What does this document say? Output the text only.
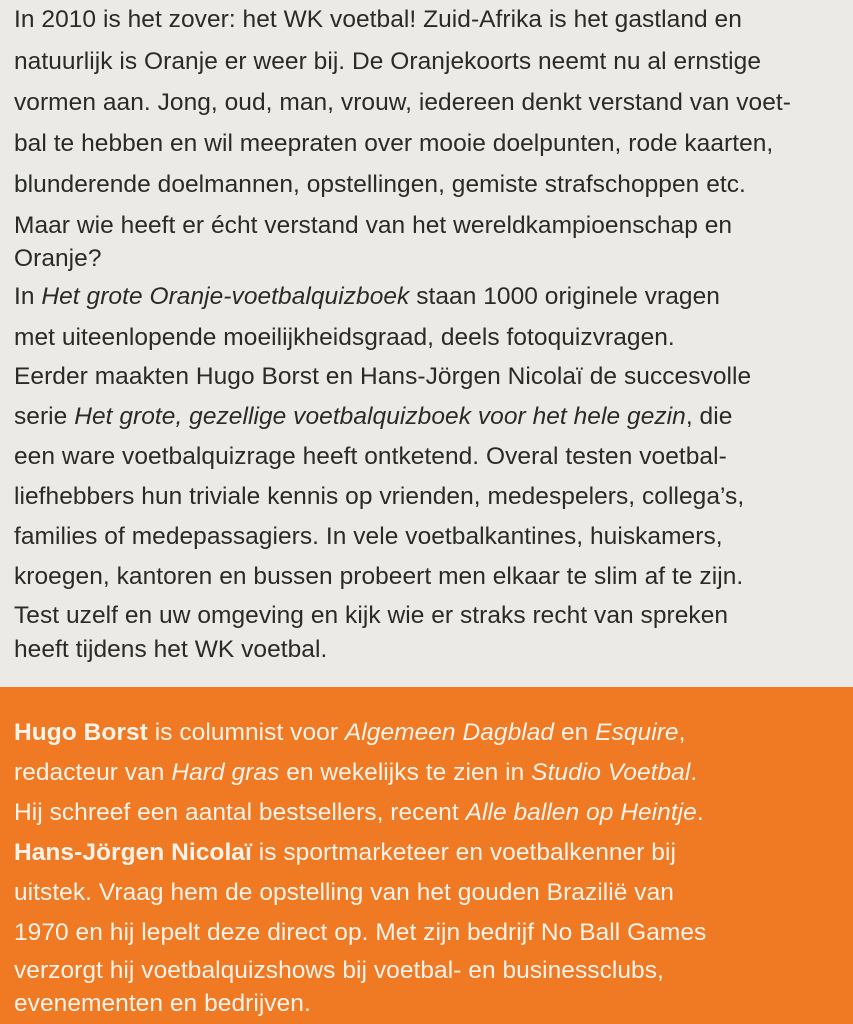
In 2010 is het zover: het WK voetbal! Zuid-Afrika is het gastland en
natuurlijk is Oranje er weer bij. De Oranjekoorts neemt nu al ernstige
vormen aan. Jong, oud, man, vrouw, iedereen denkt verstand van voet-
bal te hebben en wil meepraten over mooie doelpunten, rode kaarten,
blunderende doelmannen, opstellingen, gemiste strafschoppen etc.
Maar wie heeft er écht verstand van het wereldkampioenschap en
Oranje?
In Het grote Oranje-voetbalquizboek staan 1000 originele vragen
met uiteenlopende moeilijkheidsgraad, deels fotoquizvragen.
Eerder maakten Hugo Borst en Hans-Jörgen Nicolaï de succesvolle
serie Het grote, gezellige voetbalquizboek voor het hele gezin, die
een ware voetbalquizrage heeft ontketend. Overal testen voetbal-
liefhebbers hun triviale kennis op vrienden, medespelers, collega’s,
families of medepassagiers. In vele voetbalkantines, huiskamers,
kroegen, kantoren en bussen probeert men elkaar te slim af te zijn.
Test uzelf en uw omgeving en kijk wie er straks recht van spreken
heeft tijdens het WK voetbal.
Hugo Borst is columnist voor Algemeen Dagblad en Esquire,
redacteur van Hard gras en wekelijks te zien in Studio Voetbal.
Hij schreef een aantal bestsellers, recent Alle ballen op Heintje.
Hans-Jörgen Nicolaï is sportmarketeer en voetbalkenner bij
uitstek. Vraag hem de opstelling van het gouden Brazilië van
1970 en hij lepelt deze direct op. Met zijn bedrijf No Ball Games
verzorgt hij voetbalquizshows bij voetbal- en businessclubs,
evenementen en bedrijven.
